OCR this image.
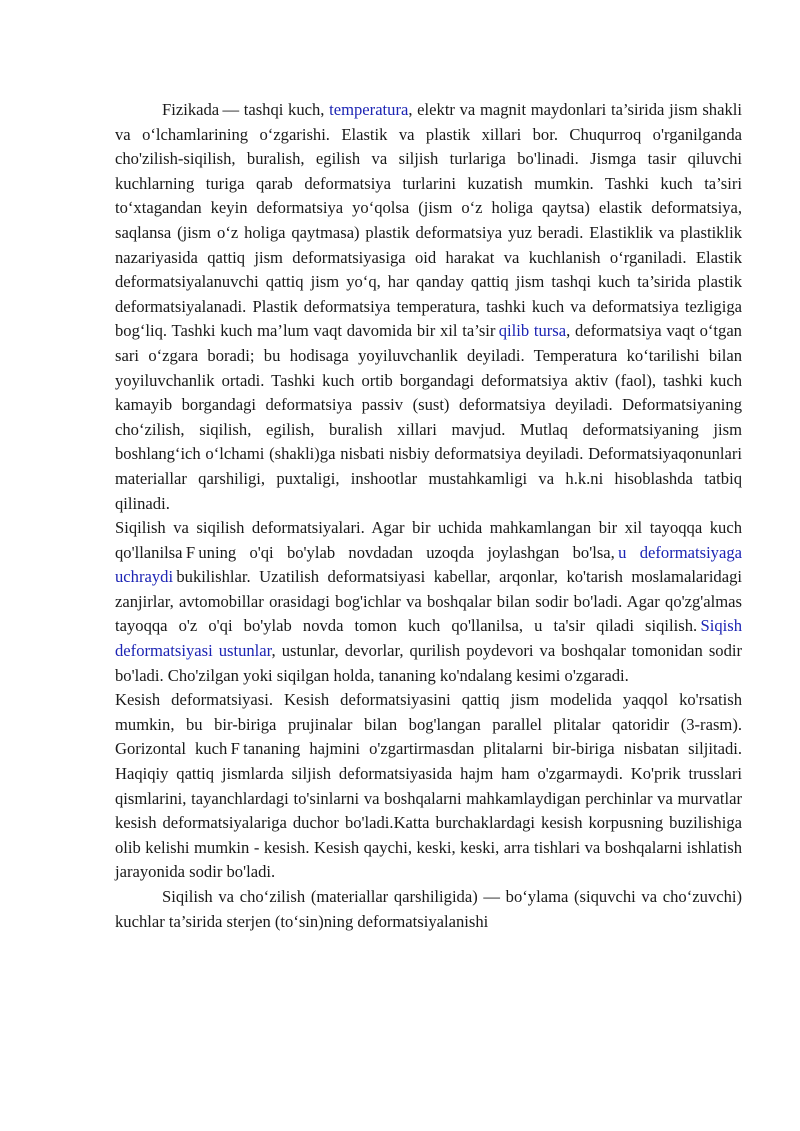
Fizikada — tashqi kuch, temperatura, elektr va magnit maydonlari ta’sirida jism shakli va o‘lchamlarining o‘zgarishi. Elastik va plastik xillari bor. Chuqurroq o'rganilganda cho'zilish-siqilish, buralish, egilish va siljish turlariga bo'linadi. Jismga tasir qiluvchi kuchlarning turiga qarab deformatsiya turlarini kuzatish mumkin. Tashki kuch ta’siri to‘xtagandan keyin deformatsiya yo‘qolsa (jism o‘z holiga qaytsa) elastik deformatsiya, saqlansa (jism o‘z holiga qaytmasa) plastik deformatsiya yuz beradi. Elastiklik va plastiklik nazariyasida qattiq jism deformatsiyasiga oid harakat va kuchlanish o‘rganiladi. Elastik deformatsiyalanuvchi qattiq jism yo‘q, har qanday qattiq jism tashqi kuch ta’sirida plastik deformatsiyalanadi. Plastik deformatsiya temperatura, tashki kuch va deformatsiya tezligiga bog‘liq. Tashki kuch ma’lum vaqt davomida bir xil ta’sir qilib tursa, deformatsiya vaqt o‘tgan sari o‘zgara boradi; bu hodisaga yoyiluvchanlik deyiladi. Temperatura ko‘tarilishi bilan yoyiluvchanlik ortadi. Tashki kuch ortib borgandagi deformatsiya aktiv (faol), tashki kuch kamayib borgandagi deformatsiya passiv (sust) deformatsiya deyiladi. Deformatsiyaning cho‘zilish, siqilish, egilish, buralish xillari mavjud. Mutlaq deformatsiyaning jism boshlang‘ich o‘lchami (shakli)ga nisbati nisbiy deformatsiya deyiladi. Deformatsiyaqonunlari materiallar qarshiligi, puxtaligi, inshootlar mustahkamligi va h.k.ni hisoblashda tatbiq qilinadi.

Siqilish va siqilish deformatsiyalari. Agar bir uchida mahkamlangan bir xil tayoqqa kuch qo'llanilsa F uning o'qi bo'ylab novdadan uzoqda joylashgan bo'lsa, u deformatsiyaga uchraydi bukilishlar. Uzatilish deformatsiyasi kabellar, arqonlar, ko'tarish moslamalaridagi zanjirlar, avtomobillar orasidagi bog'ichlar va boshqalar bilan sodir bo'ladi. Agar qo'zg'almas tayoqqa o'z o'qi bo'ylab novda tomon kuch qo'llanilsa, u ta'sir qiladi siqilish. Siqish deformatsiyasi ustunlar, ustunlar, devorlar, qurilish poydevori va boshqalar tomonidan sodir bo'ladi. Cho'zilgan yoki siqilgan holda, tananing ko'ndalang kesimi o'zgaradi.

Kesish deformatsiyasi. Kesish deformatsiyasini qattiq jism modelida yaqqol ko'rsatish mumkin, bu bir-biriga prujinalar bilan bog'langan parallel plitalar qatoridir (3-rasm). Gorizontal kuch F tananing hajmini o'zgartirmasdan plitalarni bir-biriga nisbatan siljitadi. Haqiqiy qattiq jismlarda siljish deformatsiyasida hajm ham o'zgarmaydi. Ko'prik trusslari qismlarini, tayanchlardagi to'sinlarni va boshqalarni mahkamlaydigan perchinlar va murvatlar kesish deformatsiyalariga duchor bo'ladi.Katta burchaklardagi kesish korpusning buzilishiga olib kelishi mumkin - kesish. Kesish qaychi, keski, keski, arra tishlari va boshqalarni ishlatish jarayonida sodir bo'ladi.

Siqilish va cho‘zilish (materiallar qarshiligida) — bo‘ylama (siquvchi va cho‘zuvchi) kuchlar ta’sirida sterjen (to‘sin)ning deformatsiyalanishi
